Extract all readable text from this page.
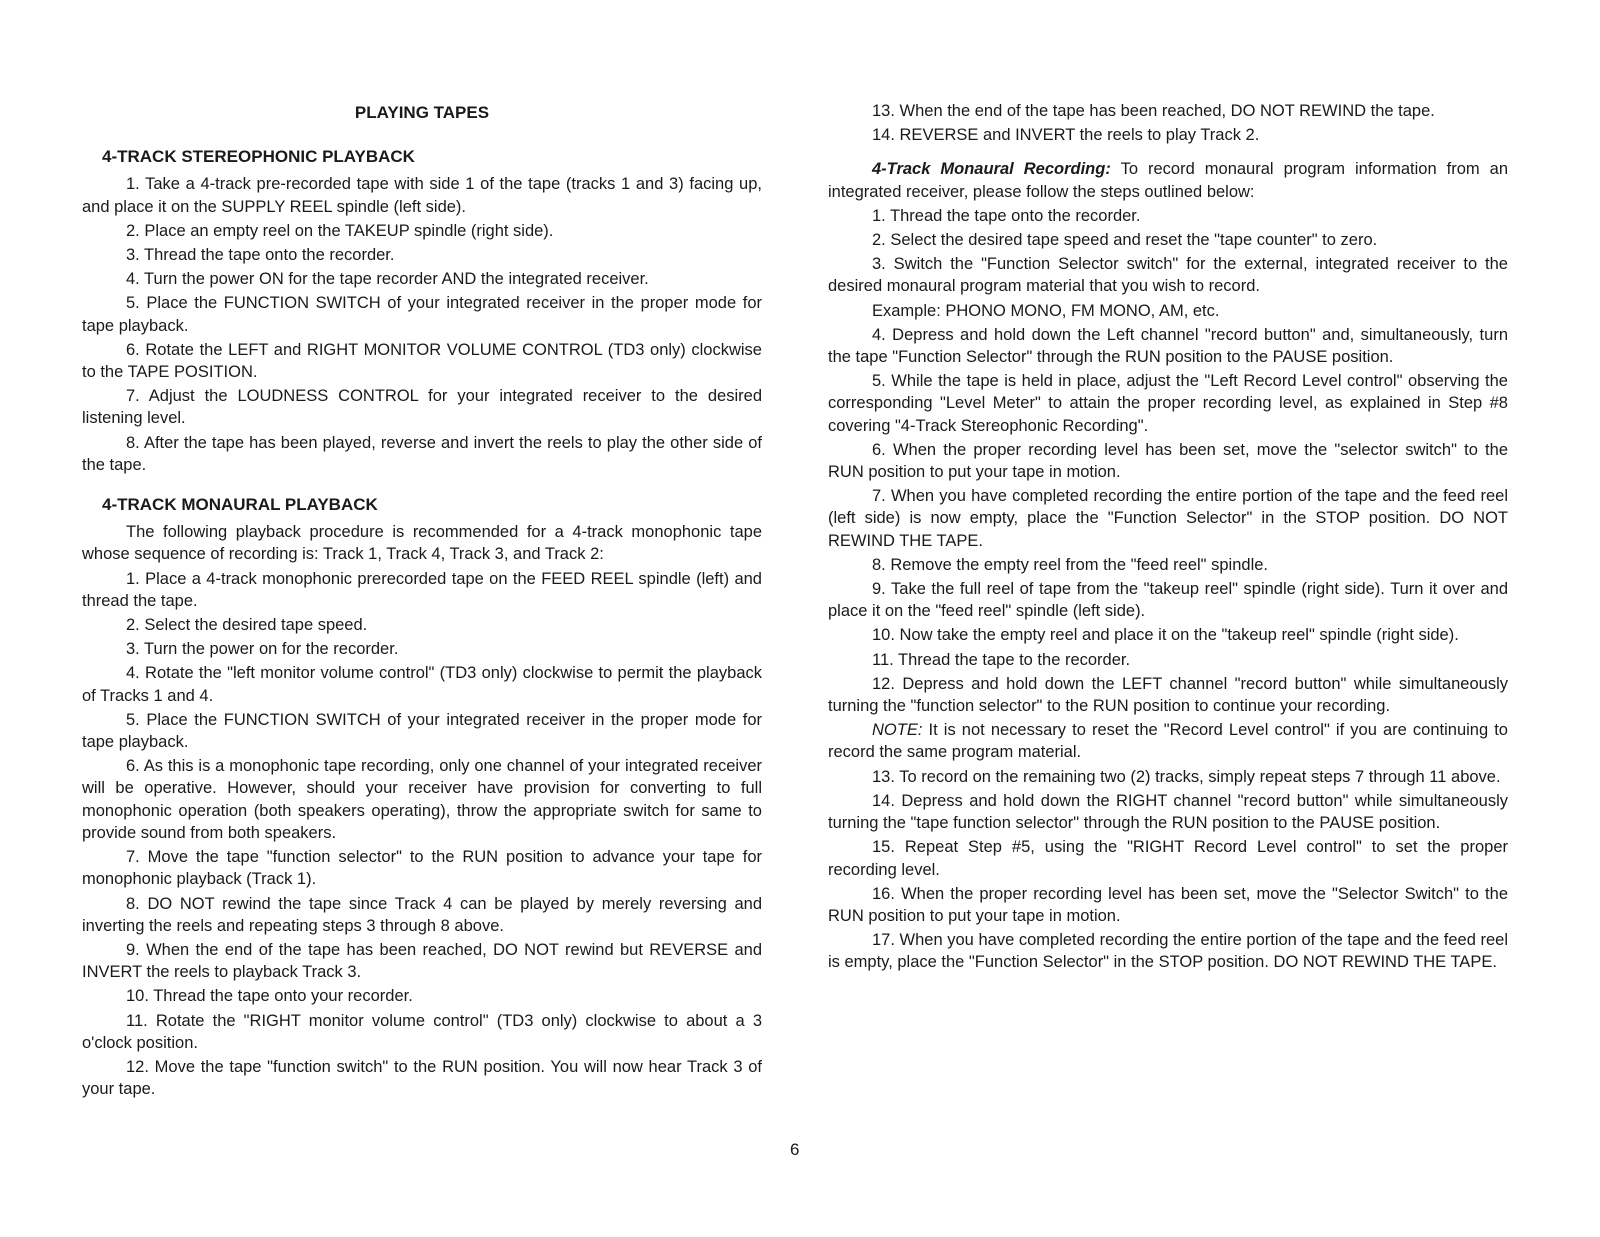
PLAYING TAPES
4-TRACK STEREOPHONIC PLAYBACK

1. Take a 4-track pre-recorded tape with side 1 of the tape (tracks 1 and 3) facing up, and place it on the SUPPLY REEL spindle (left side).

2. Place an empty reel on the TAKEUP spindle (right side).

3. Thread the tape onto the recorder.

4. Turn the power ON for the tape recorder AND the integrated receiver.

5. Place the FUNCTION SWITCH of your integrated receiver in the proper mode for tape playback.

6. Rotate the LEFT and RIGHT MONITOR VOLUME CONTROL (TD3 only) clockwise to the TAPE POSITION.

7. Adjust the LOUDNESS CONTROL for your integrated receiver to the desired listening level.

8. After the tape has been played, reverse and invert the reels to play the other side of the tape.

4-TRACK MONAURAL PLAYBACK

The following playback procedure is recommended for a 4-track monophonic tape whose sequence of recording is: Track 1, Track 4, Track 3, and Track 2:

1. Place a 4-track monophonic prerecorded tape on the FEED REEL spindle (left) and thread the tape.

2. Select the desired tape speed.

3. Turn the power on for the recorder.

4. Rotate the "left monitor volume control" (TD3 only) clockwise to permit the playback of Tracks 1 and 4.

5. Place the FUNCTION SWITCH of your integrated receiver in the proper mode for tape playback.

6. As this is a monophonic tape recording, only one channel of your integrated receiver will be operative. However, should your receiver have provision for converting to full monophonic operation (both speakers operating), throw the appropriate switch for same to provide sound from both speakers.

7. Move the tape "function selector" to the RUN position to advance your tape for monophonic playback (Track 1).

8. DO NOT rewind the tape since Track 4 can be played by merely reversing and inverting the reels and repeating steps 3 through 8 above.

9. When the end of the tape has been reached, DO NOT rewind but REVERSE and INVERT the reels to playback Track 3.

10. Thread the tape onto your recorder.

11. Rotate the "RIGHT monitor volume control" (TD3 only) clockwise to about a 3 o'clock position.

12. Move the tape "function switch" to the RUN position. You will now hear Track 3 of your tape.

13. When the end of the tape has been reached, DO NOT REWIND the tape.

14. REVERSE and INVERT the reels to play Track 2.

4-Track Monaural Recording: To record monaural program information from an integrated receiver, please follow the steps outlined below:

1. Thread the tape onto the recorder.

2. Select the desired tape speed and reset the "tape counter" to zero.

3. Switch the "Function Selector switch" for the external, integrated receiver to the desired monaural program material that you wish to record.

Example: PHONO MONO, FM MONO, AM, etc.

4. Depress and hold down the Left channel "record button" and, simultaneously, turn the tape "Function Selector" through the RUN position to the PAUSE position.

5. While the tape is held in place, adjust the "Left Record Level control" observing the corresponding "Level Meter" to attain the proper recording level, as explained in Step #8 covering "4-Track Stereophonic Recording".

6. When the proper recording level has been set, move the "selector switch" to the RUN position to put your tape in motion.

7. When you have completed recording the entire portion of the tape and the feed reel (left side) is now empty, place the "Function Selector" in the STOP position. DO NOT REWIND THE TAPE.

8. Remove the empty reel from the "feed reel" spindle.

9. Take the full reel of tape from the "takeup reel" spindle (right side). Turn it over and place it on the "feed reel" spindle (left side).

10. Now take the empty reel and place it on the "takeup reel" spindle (right side).

11. Thread the tape to the recorder.

12. Depress and hold down the LEFT channel "record button" while simultaneously turning the "function selector" to the RUN position to continue your recording.

NOTE: It is not necessary to reset the "Record Level control" if you are continuing to record the same program material.

13. To record on the remaining two (2) tracks, simply repeat steps 7 through 11 above.

14. Depress and hold down the RIGHT channel "record button" while simultaneously turning the "tape function selector" through the RUN position to the PAUSE position.

15. Repeat Step #5, using the "RIGHT Record Level control" to set the proper recording level.

16. When the proper recording level has been set, move the "Selector Switch" to the RUN position to put your tape in motion.

17. When you have completed recording the entire portion of the tape and the feed reel is empty, place the "Function Selector" in the STOP position. DO NOT REWIND THE TAPE.

6
